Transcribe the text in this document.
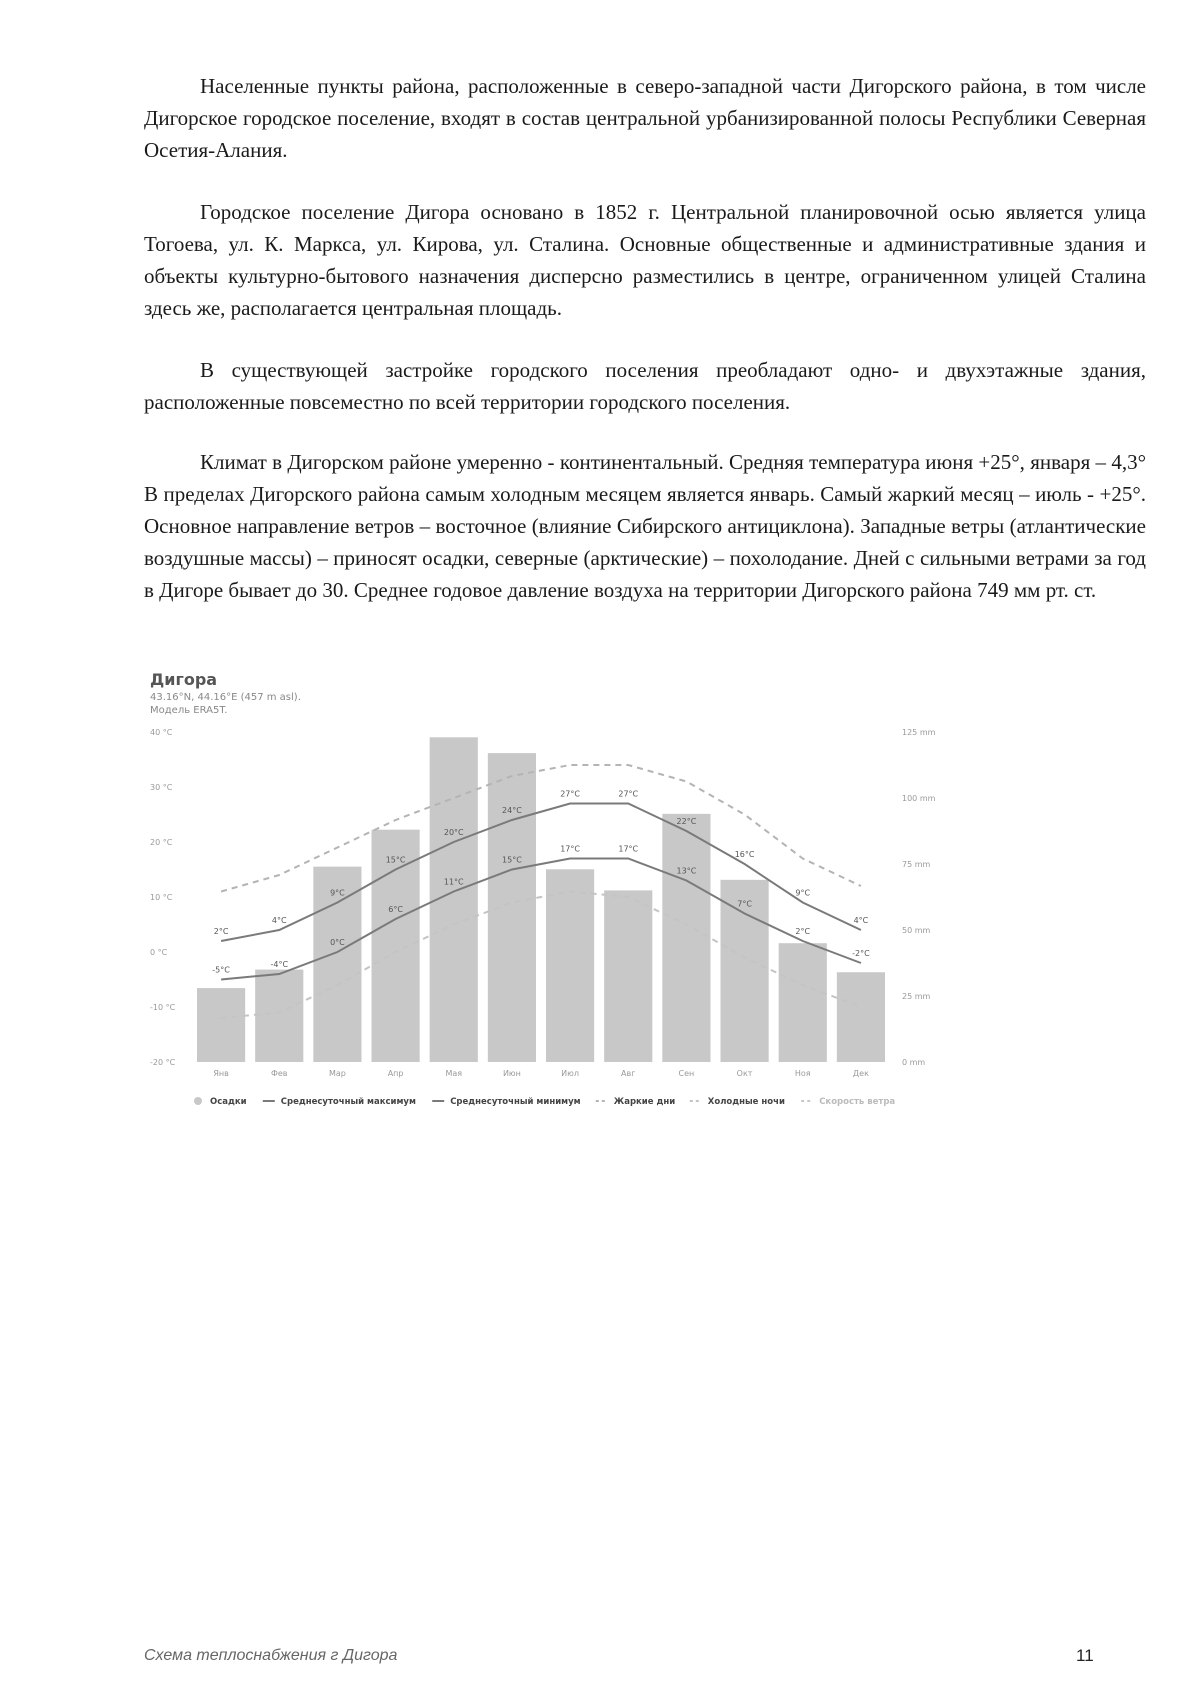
Населенные пункты района, расположенные в северо-западной части Дигорского района, в том числе Дигорское городское поселение, входят в состав центральной урбанизированной полосы Республики Северная Осетия-Алания.

Городское поселение Дигора основано в 1852 г. Центральной планировочной осью является улица Тогоева, ул. К. Маркса, ул. Кирова, ул. Сталина. Основные общественные и административные здания и объекты культурно-бытового назначения дисперсно разместились в центре, ограниченном улицей Сталина здесь же, располагается центральная площадь.

В существующей застройке городского поселения преобладают одно- и двухэтажные здания, расположенные повсеместно по всей территории городского поселения.

Климат в Дигорском районе умеренно - континентальный. Средняя температура июня +25°, января – 4,3° В пределах Дигорского района самым холодным месяцем является январь. Самый жаркий месяц – июль - +25°. Основное направление ветров – восточное (влияние Сибирского антициклона). Западные ветры (атлантические воздушные массы) – приносят осадки, северные (арктические) – похолодание. Дней с сильными ветрами за год в Дигоре бывает до 30. Среднее годовое давление воздуха на территории Дигорского района 749 мм рт. ст.

40 °C
30 °C
20 °C
10 °C
0 °C
-10 °C
-20 °C
125 mm
100 mm
75 mm
50 mm
25 mm
0 mm
Янв	Фев	Мар	Апр	Мая	Июн	Июл	Авг	Сен	Окт	Ноя	Дек
2°C
4°C
9°C
15°C
20°C
24°C
27°C	27°C
22°C
16°C
9°C
4°C
-5°C
-4°C
0°C
6°C
11°C
15°C
17°C	17°C
13°C
7°C
2°C
-2°C
Осадки	Среднесуточный максимум	Среднесуточный минимум	Жаркие дни	Холодные ночи	Скорость ветра

Дигора

43.16°N, 44.16°E (457 m asl).

Модель ERA5T.

Схема теплоснабжения г Дигора	11
